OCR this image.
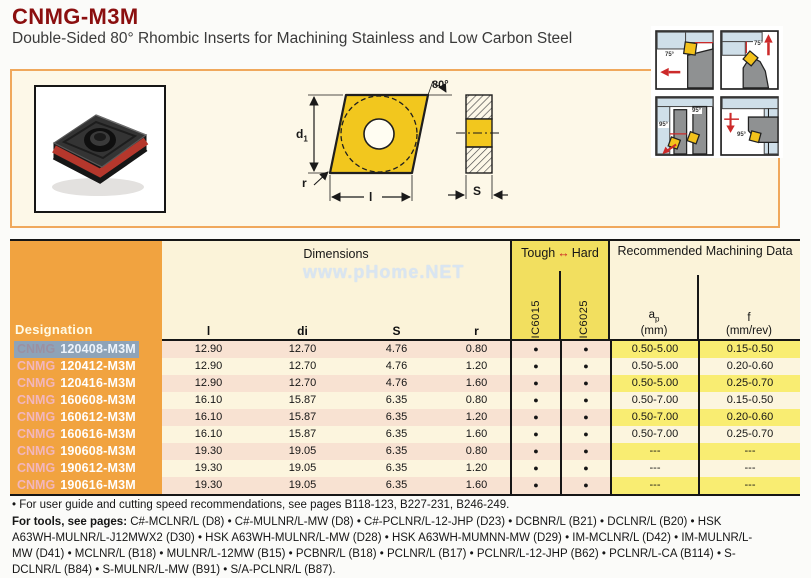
CNMG-M3M
Double-Sided 80° Rhombic Inserts for Machining Stainless and Low Carbon Steel
75°
75°
95°
95°
95°
$d_1$
l
r
80°
S
www.pHome.NET
Designation
Dimensions
l	di	S	r
Tough ↔ Hard
IC6015	IC6025
Recommended Machining Data
$a_p$
(mm)
f
(mm/rev)
CNMG 120408-M3M	12.90	12.70	4.76	0.80	●	●	0.50-5.00	0.15-0.50
CNMG 120412-M3M	12.90	12.70	4.76	1.20	●	●	0.50-5.00	0.20-0.60
CNMG 120416-M3M	12.90	12.70	4.76	1.60	●	●	0.50-5.00	0.25-0.70
CNMG 160608-M3M	16.10	15.87	6.35	0.80	●	●	0.50-7.00	0.15-0.50
CNMG 160612-M3M	16.10	15.87	6.35	1.20	●	●	0.50-7.00	0.20-0.60
CNMG 160616-M3M	16.10	15.87	6.35	1.60	●	●	0.50-7.00	0.25-0.70
CNMG 190608-M3M	19.30	19.05	6.35	0.80	●	●	---	---
CNMG 190612-M3M	19.30	19.05	6.35	1.20	●	●	---	---
CNMG 190616-M3M	19.30	19.05	6.35	1.60	●	●	---	---
• For user guide and cutting speed recommendations, see pages B118-123, B227-231, B246-249.
For tools, see pages: C#-MCLNR/L (D8) • C#-MULNR/L-MW (D8) • C#-PCLNR/L-12-JHP (D23) • DCBNR/L (B21) • DCLNR/L (B20) • HSK A63WH-MULNR/L-J12MWX2 (D30) • HSK A63WH-MULNR/L-MW (D28) • HSK A63WH-MUMNN-MW (D29) • IM-MCLNR/L (D42) • IM-MULNR/L-MW (D41) • MCLNR/L (B18) • MULNR/L-12MW (B15) • PCBNR/L (B18) • PCLNR/L (B17) • PCLNR/L-12-JHP (B62) • PCLNR/L-CA (B114) • S-DCLNR/L (B84) • S-MULNR/L-MW (B91) • S/A-PCLNR/L (B87).
